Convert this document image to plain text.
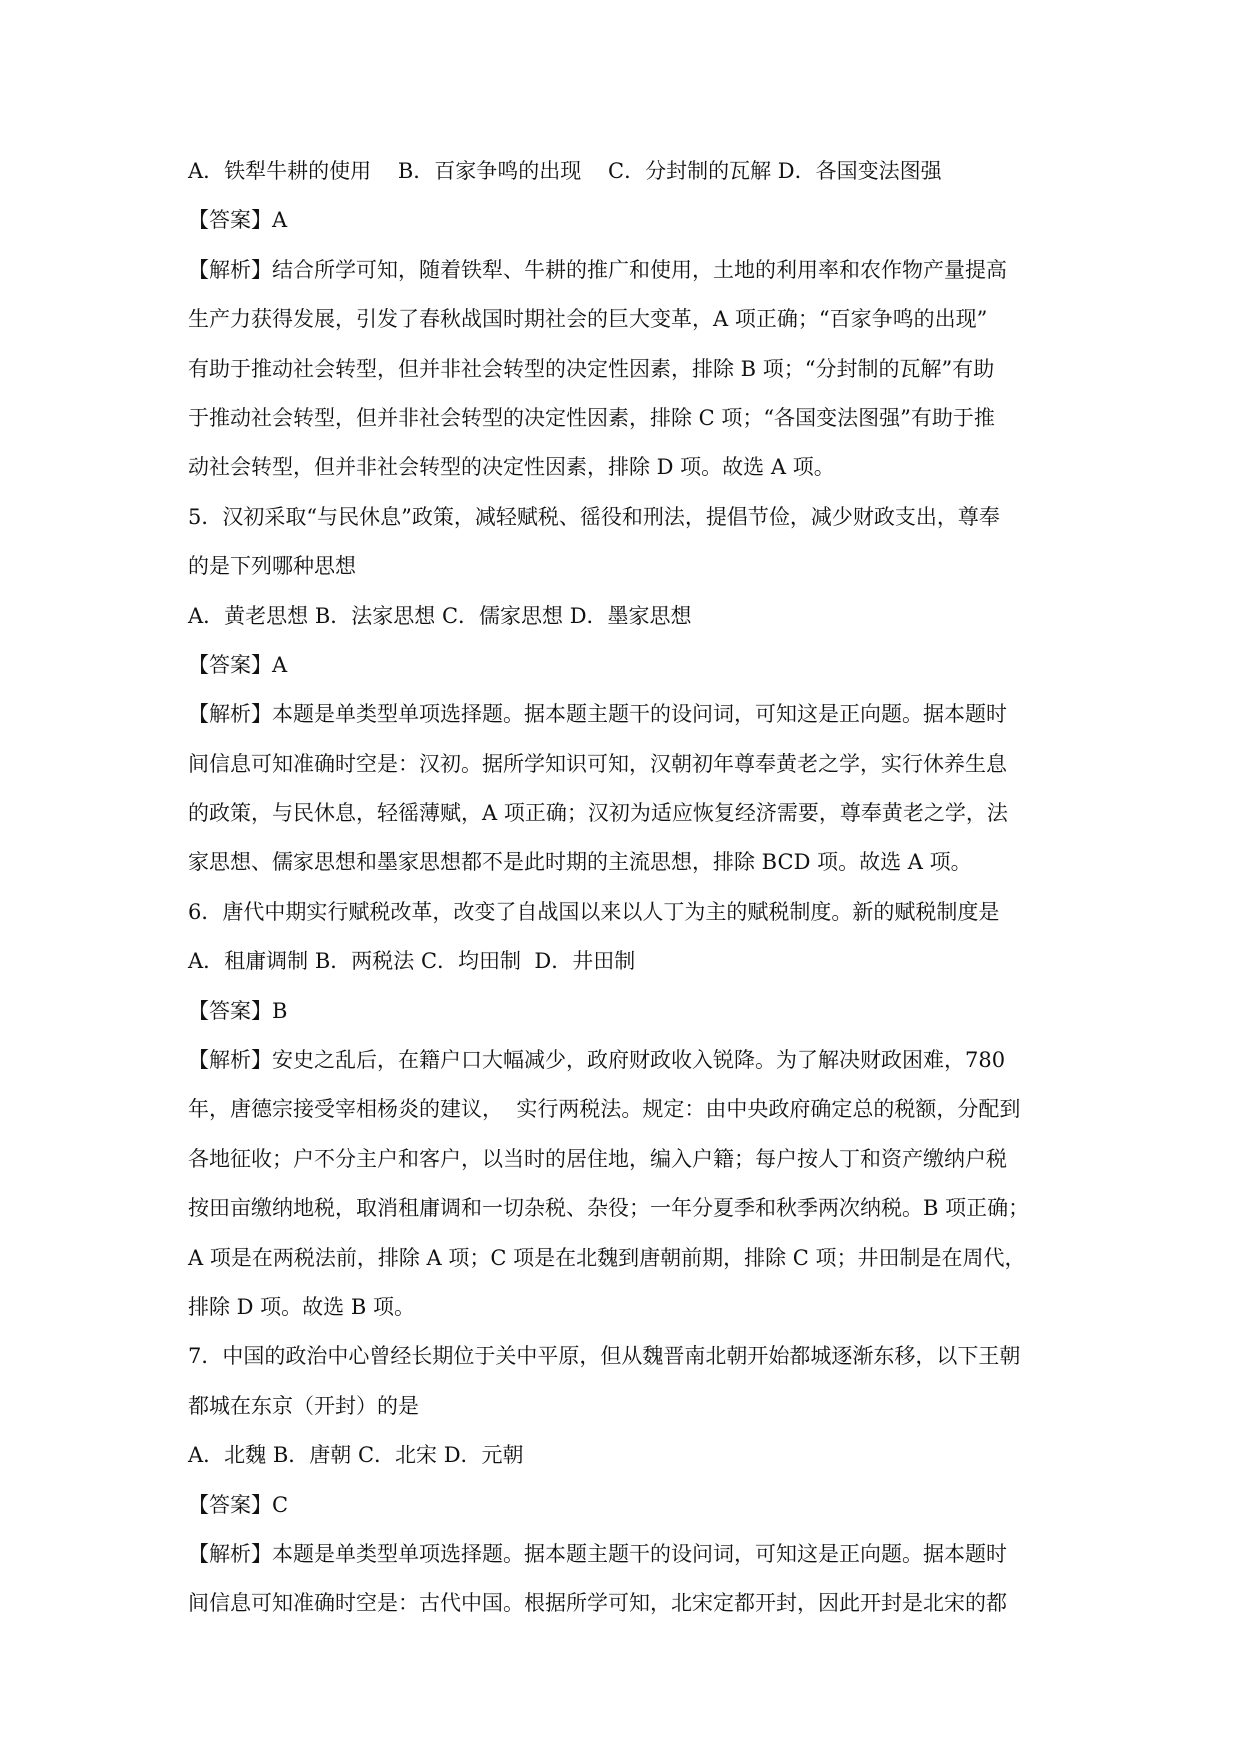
A．铁犁牛耕的使用    B．百家争鸣的出现    C．分封制的瓦解 D．各国变法图强
【答案】A
【解析】结合所学可知，随着铁犁、牛耕的推广和使用，土地的利用率和农作物产量提高
生产力获得发展，引发了春秋战国时期社会的巨大变革，A 项正确；“百家争鸣的出现”
有助于推动社会转型，但并非社会转型的决定性因素，排除 B 项；“分封制的瓦解”有助
于推动社会转型，但并非社会转型的决定性因素，排除 C 项；“各国变法图强”有助于推
动社会转型，但并非社会转型的决定性因素，排除 D 项。故选 A 项。
5．汉初采取“与民休息”政策，减轻赋税、徭役和刑法，提倡节俭，减少财政支出，尊奉
的是下列哪种思想
A．黄老思想 B．法家思想 C．儒家思想 D．墨家思想
【答案】A
【解析】本题是单类型单项选择题。据本题主题干的设问词，可知这是正向题。据本题时
间信息可知准确时空是：汉初。据所学知识可知，汉朝初年尊奉黄老之学，实行休养生息
的政策，与民休息，轻徭薄赋，A 项正确；汉初为适应恢复经济需要，尊奉黄老之学，法
家思想、儒家思想和墨家思想都不是此时期的主流思想，排除 BCD 项。故选 A 项。
6．唐代中期实行赋税改革，改变了自战国以来以人丁为主的赋税制度。新的赋税制度是
A．租庸调制 B．两税法 C．均田制  D．井田制
【答案】B
【解析】安史之乱后，在籍户口大幅减少，政府财政收入锐降。为了解决财政困难，780
年，唐德宗接受宰相杨炎的建议，  实行两税法。规定：由中央政府确定总的税额，分配到
各地征收；户不分主户和客户，以当时的居住地，编入户籍；每户按人丁和资产缴纳户税
按田亩缴纳地税，取消租庸调和一切杂税、杂役；一年分夏季和秋季两次纳税。B 项正确；
A 项是在两税法前，排除 A 项；C 项是在北魏到唐朝前期，排除 C 项；井田制是在周代，
排除 D 项。故选 B 项。
7．中国的政治中心曾经长期位于关中平原，但从魏晋南北朝开始都城逐渐东移，以下王朝
都城在东京（开封）的是
A．北魏 B．唐朝 C．北宋 D．元朝
【答案】C
【解析】本题是单类型单项选择题。据本题主题干的设问词，可知这是正向题。据本题时
间信息可知准确时空是：古代中国。根据所学可知，北宋定都开封，因此开封是北宋的都
